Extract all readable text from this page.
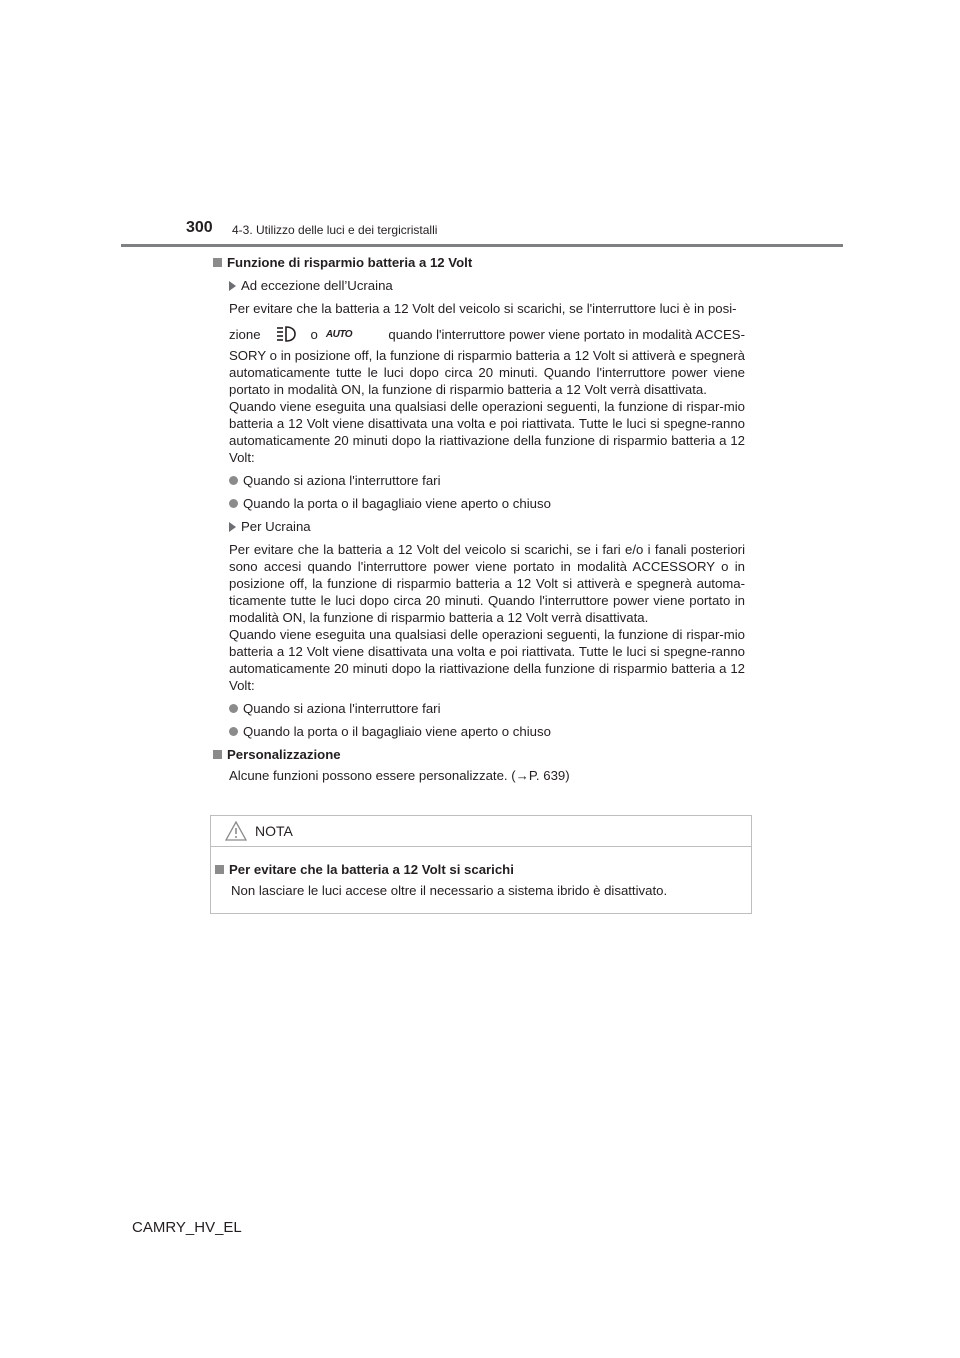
300 4-3. Utilizzo delle luci e dei tergicristalli
Funzione di risparmio batteria a 12 Volt
Ad eccezione dell’Ucraina
Per evitare che la batteria a 12 Volt del veicolo si scarichi, se l'interruttore luci è in posi-
zione	o AUTO	quando l'interruttore power viene portato in modalità ACCES-
SORY o in posizione off, la funzione di risparmio batteria a 12 Volt si attiverà e spegnerà automaticamente tutte le luci dopo circa 20 minuti. Quando l'interruttore power viene portato in modalità ON, la funzione di risparmio batteria a 12 Volt verrà disattivata.
Quando viene eseguita una qualsiasi delle operazioni seguenti, la funzione di rispar-mio batteria a 12 Volt viene disattivata una volta e poi riattivata. Tutte le luci si spegne-ranno automaticamente 20 minuti dopo la riattivazione della funzione di risparmio batteria a 12 Volt:
Quando si aziona l'interruttore fari
Quando la porta o il bagagliaio viene aperto o chiuso
Per Ucraina
Per evitare che la batteria a 12 Volt del veicolo si scarichi, se i fari e/o i fanali posteriori sono accesi quando l'interruttore power viene portato in modalità ACCESSORY o in posizione off, la funzione di risparmio batteria a 12 Volt si attiverà e spegnerà automa-ticamente tutte le luci dopo circa 20 minuti. Quando l'interruttore power viene portato in modalità ON, la funzione di risparmio batteria a 12 Volt verrà disattivata.
Quando viene eseguita una qualsiasi delle operazioni seguenti, la funzione di rispar-mio batteria a 12 Volt viene disattivata una volta e poi riattivata. Tutte le luci si spegne-ranno automaticamente 20 minuti dopo la riattivazione della funzione di risparmio batteria a 12 Volt:
Quando si aziona l'interruttore fari
Quando la porta o il bagagliaio viene aperto o chiuso
Personalizzazione
Alcune funzioni possono essere personalizzate. (→P. 639)
NOTA
Per evitare che la batteria a 12 Volt si scarichi
Non lasciare le luci accese oltre il necessario a sistema ibrido è disattivato.
CAMRY_HV_EL
